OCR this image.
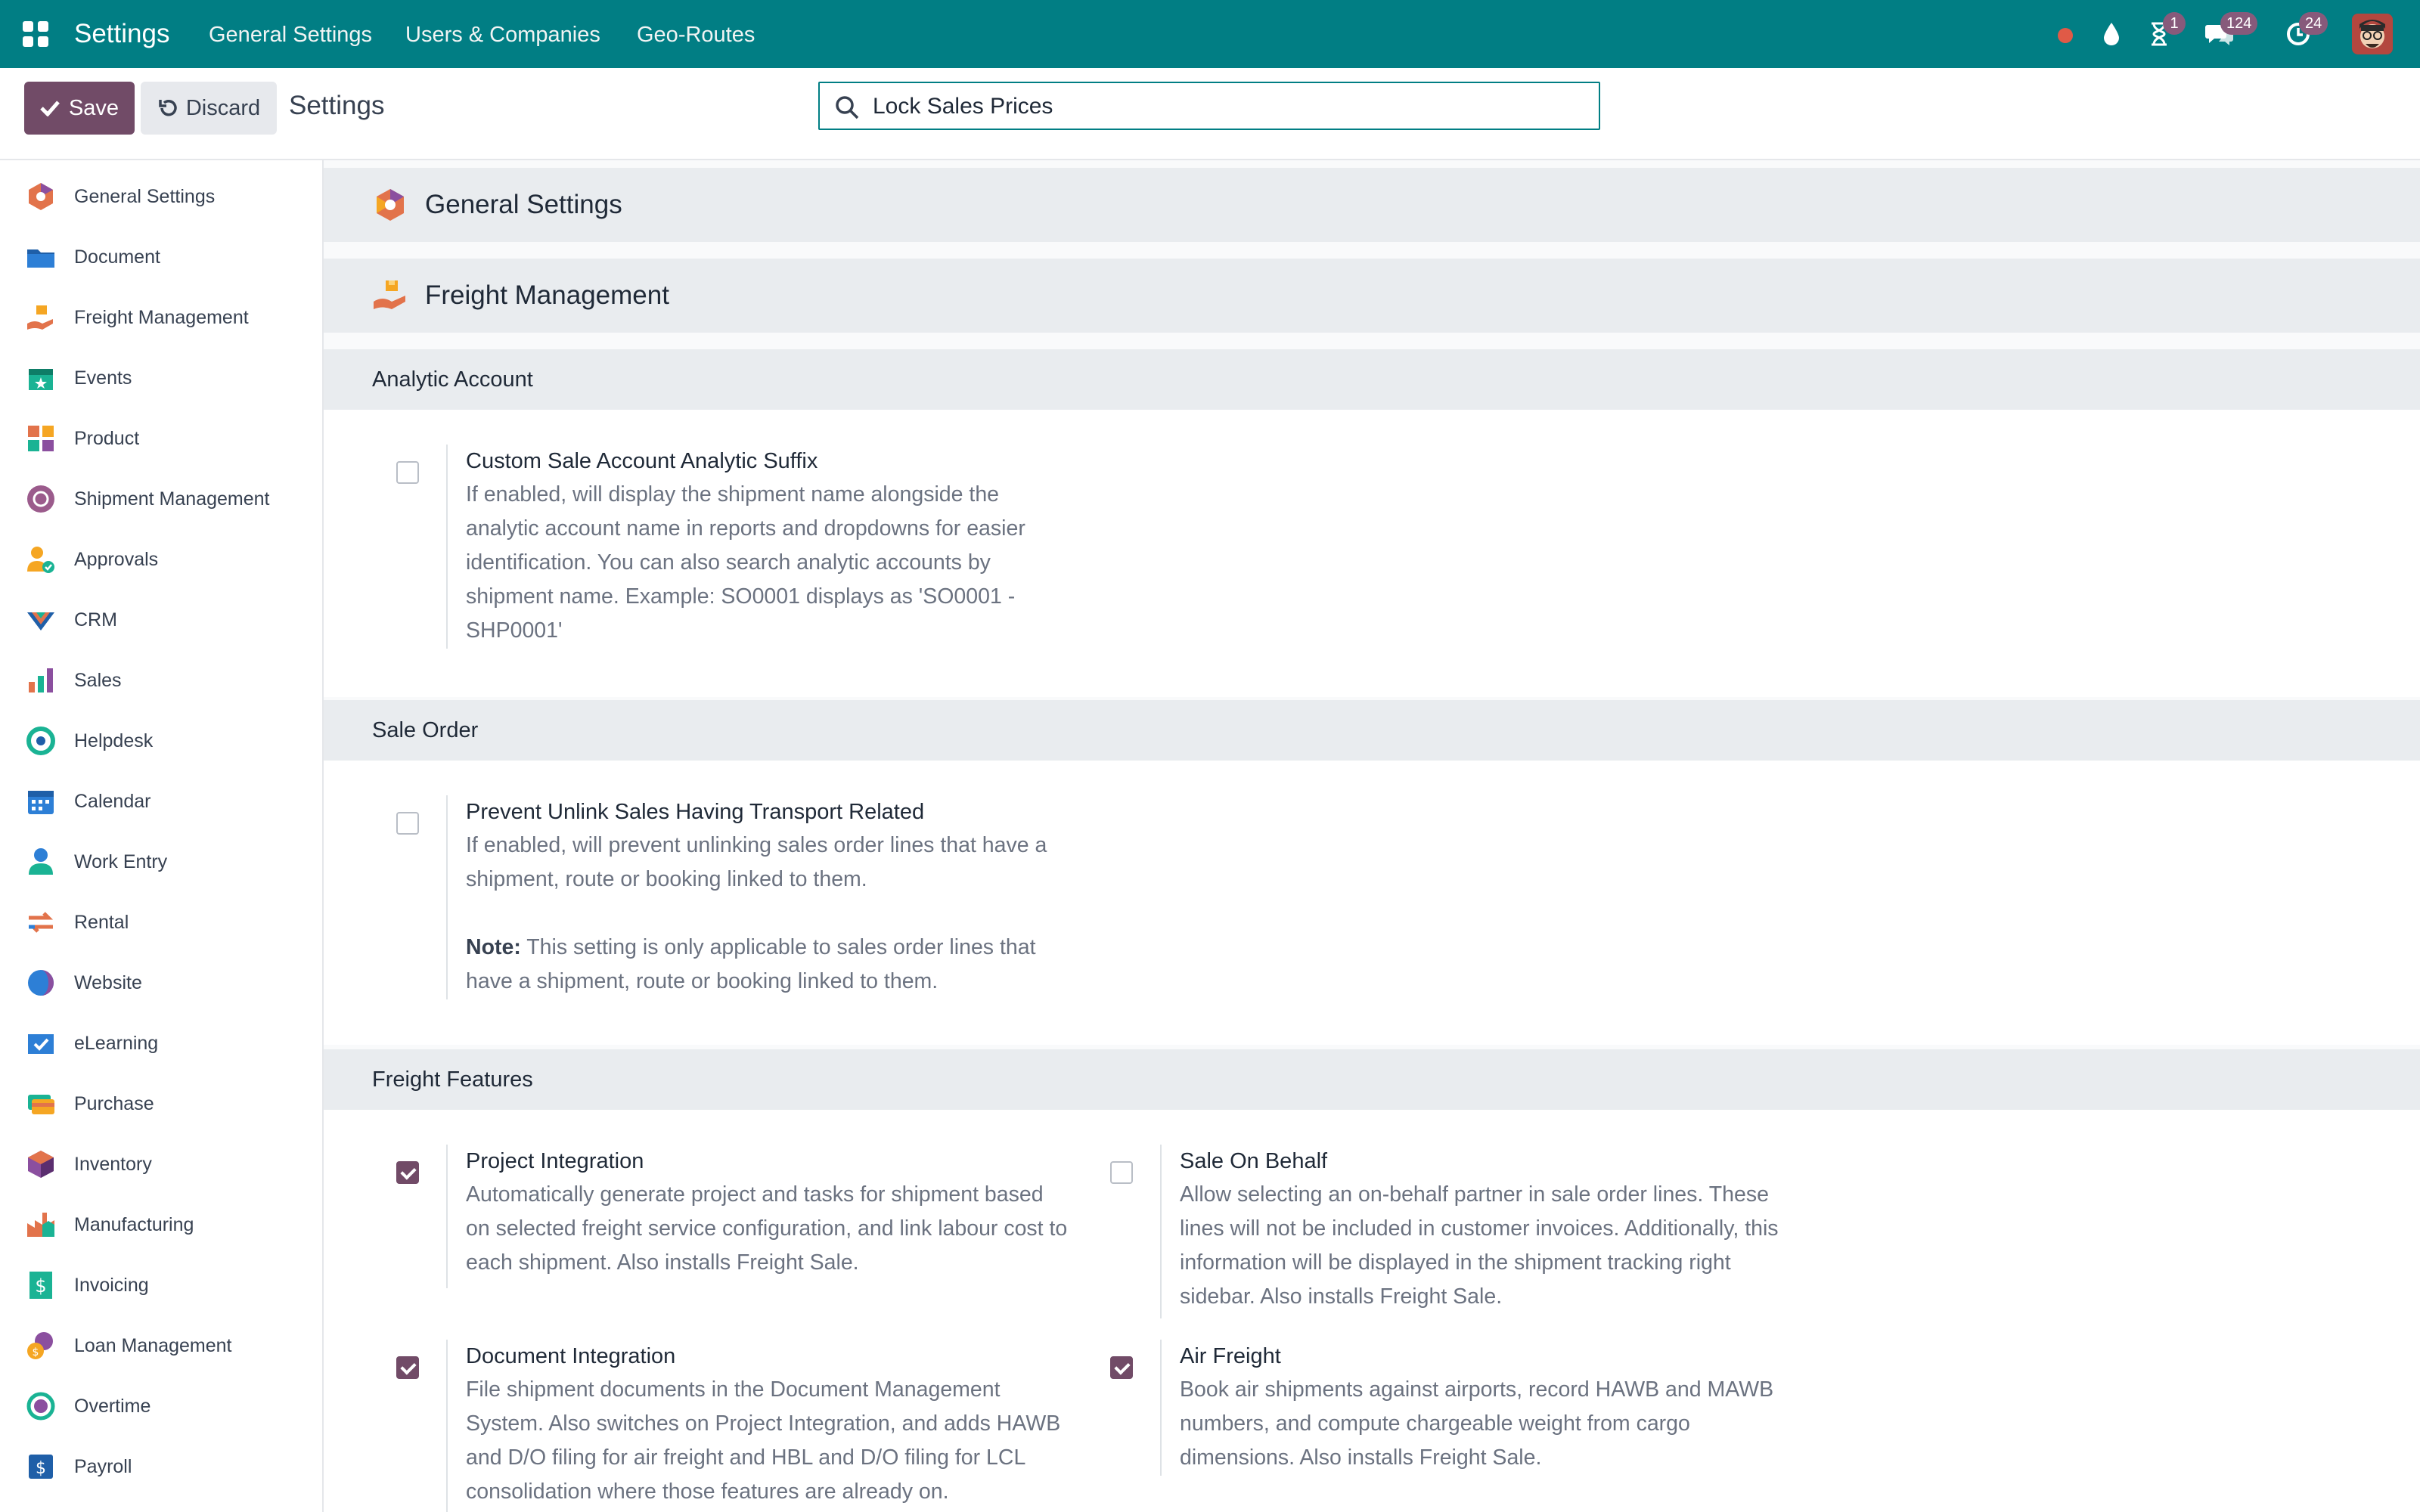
Settings General Settings Users & Companies Geo-Routes	1	124	24
Save	Discard Settings
Lock Sales Prices
General Settings
Document
Freight Management
Events
Product
Shipment Management
Approvals
CRM
Sales
Helpdesk
Calendar
Work Entry
Rental
Website
eLearning
Purchase
Inventory
Manufacturing
$ Invoicing
$ Loan Management
Overtime
$ Payroll
General Settings
Freight Management
Analytic Account
Custom Sale Account Analytic Suffix
If enabled, will display the shipment name alongside the analytic account name in reports and dropdowns for easier identification. You can also search analytic accounts by shipment name. Example: SO0001 displays as 'SO0001 - SHP0001'
Sale Order
Prevent Unlink Sales Having Transport Related
If enabled, will prevent unlinking sales order lines that have a shipment, route or booking linked to them.
Note: This setting is only applicable to sales order lines that have a shipment, route or booking linked to them.
Freight Features
Project Integration
Automatically generate project and tasks for shipment based on selected freight service configuration, and link labour cost to each shipment. Also installs Freight Sale.
Sale On Behalf
Allow selecting an on-behalf partner in sale order lines. These lines will not be included in customer invoices. Additionally, this information will be displayed in the shipment tracking right sidebar. Also installs Freight Sale.
Document Integration
File shipment documents in the Document Management System. Also switches on Project Integration, and adds HAWB and D/O filing for air freight and HBL and D/O filing for LCL consolidation where those features are already on.
Air Freight
Book air shipments against airports, record HAWB and MAWB numbers, and compute chargeable weight from cargo dimensions. Also installs Freight Sale.
